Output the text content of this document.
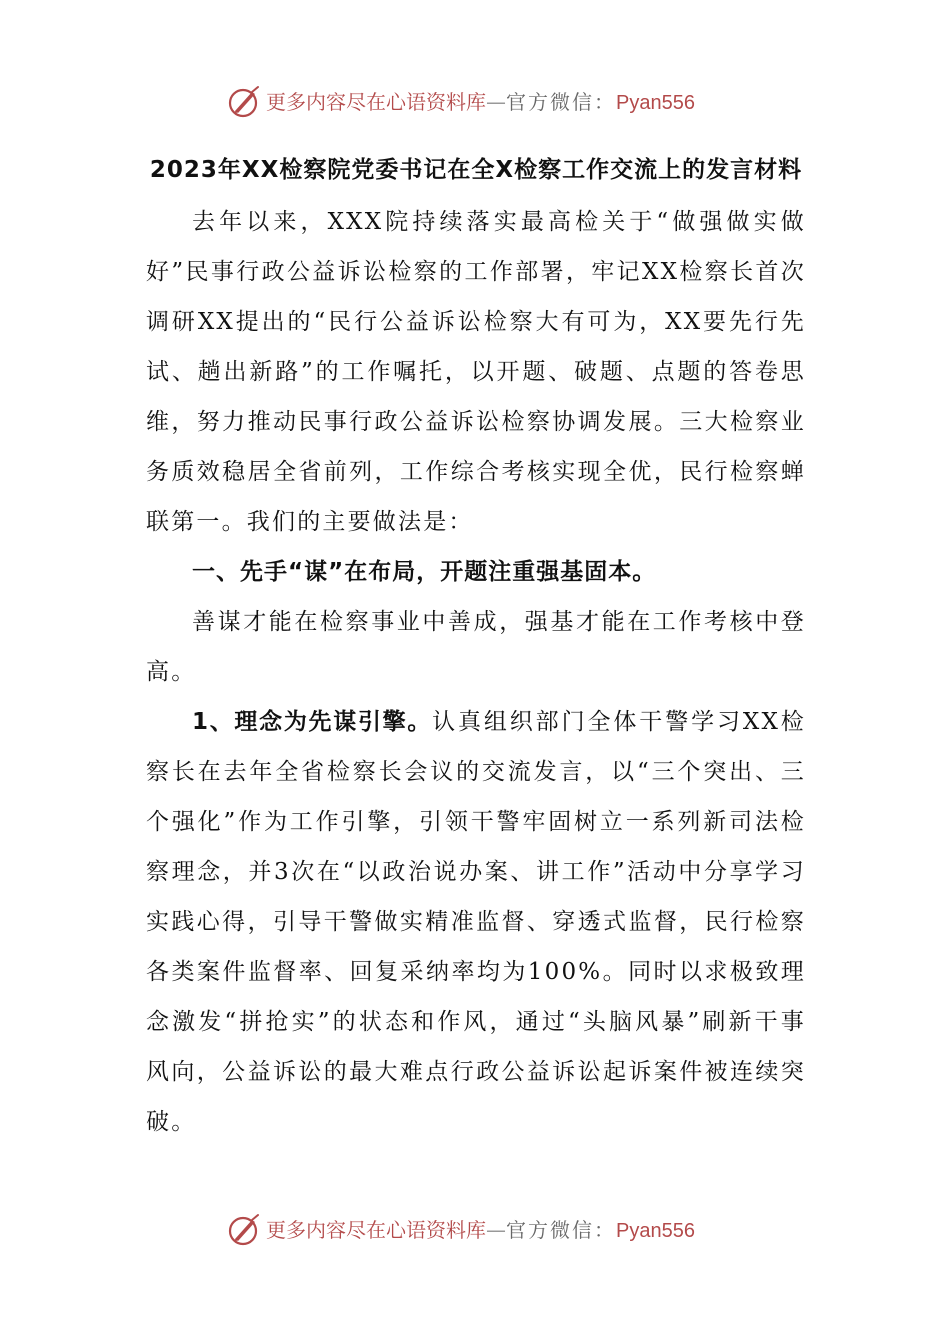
更多内容尽在心语资料库—官方微信：Pyan556
2023年XX检察院党委书记在全X检察工作交流上的发言材料

去年以来，XXX院持续落实最高检关于“做强做实做好”民事行政公益诉讼检察的工作部署，牢记XX检察长首次调研XX提出的“民行公益诉讼检察大有可为，XX要先行先试、趟出新路”的工作嘱托，以开题、破题、点题的答卷思维，努力推动民事行政公益诉讼检察协调发展。三大检察业务质效稳居全省前列，工作综合考核实现全优，民行检察蝉联第一。我们的主要做法是：

一、先手“谋”在布局，开题注重强基固本。

善谋才能在检察事业中善成，强基才能在工作考核中登高。

1、理念为先谋引擎。认真组织部门全体干警学习XX检察长在去年全省检察长会议的交流发言，以“三个突出、三个强化”作为工作引擎，引领干警牢固树立一系列新司法检察理念，并3次在“以政治说办案、讲工作”活动中分享学习实践心得，引导干警做实精准监督、穿透式监督，民行检察各类案件监督率、回复采纳率均为100%。同时以求极致理念激发“拼抢实”的状态和作风，通过“头脑风暴”刷新干事风向，公益诉讼的最大难点行政公益诉讼起诉案件被连续突破。

更多内容尽在心语资料库—官方微信：Pyan556
